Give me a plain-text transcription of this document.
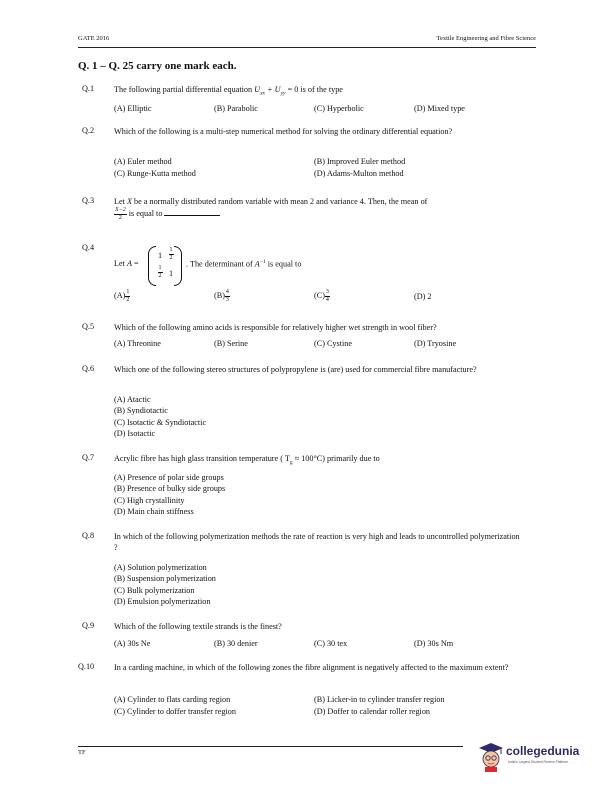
GATE 2016	Textile Engineering and Fibre Science
Q. 1 – Q. 25 carry one mark each.
Q.1 The following partial differential equation $U_{xx} + U_{yy} = 0$ is of the type
(A) Elliptic	(B) Parabolic	(C) Hyperbolic	(D) Mixed type
Q.2 Which of the following is a multi-step numerical method for solving the ordinary differential equation?
(A) Euler method	(B) Improved Euler method
(C) Runge-Kutta method	(D) Adams-Multon method
Q.3 Let X be a normally distributed random variable with mean 2 and variance 4. Then, the mean of
$\frac{X-2}{2}$ is equal to
Q.4
Let A =
1	$\frac{1}{2}$
$\frac{1}{2} 1$
. The determinant of $A^{-1}$ is equal to
$(A) \frac{1}{2}$	$(B) \frac{4}{3}$	$(C) \frac{3}{4}$	(D) 2
Q.5 Which of the following amino acids is responsible for relatively higher wet strength in wool fiber?
(A) Threonine	(B) Serine	(C) Cystine	(D) Tryosine
Q.6 Which one of the following stereo structures of polypropylene is (are) used for commercial fibre manufacture?
(A) Atactic
(B) Syndiotactic
(C) Isotactic & Syndiotactic
(D) Isotactic
Q.7 Acrylic fibre has high glass transition temperature ( $T_g \approx 100^\circ C$) primarily due to
(A) Presence of polar side groups
(B) Presence of bulky side groups
(C) High crystallinity
(D) Main chain stiffness
Q.8 In which of the following polymerization methods the rate of reaction is very high and leads to uncontrolled polymerization ?
(A) Solution polymerization
(B) Suspension polymerization
(C) Bulk polymerization
(D) Emulsion polymerization
Q.9 Which of the following textile strands is the finest?
(A) 30s Ne	(B) 30 denier	(C) 30 tex	(D) 30s Nm
Q.10 In a carding machine, in which of the following zones the fibre alignment is negatively affected to the maximum extent?
(A) Cylinder to flats carding region	(B) Licker-in to cylinder transfer region
(C) Cylinder to doffer transfer region	(D) Doffer to calendar roller region
TF	collegedunia
India's Largest Student Review Platform
